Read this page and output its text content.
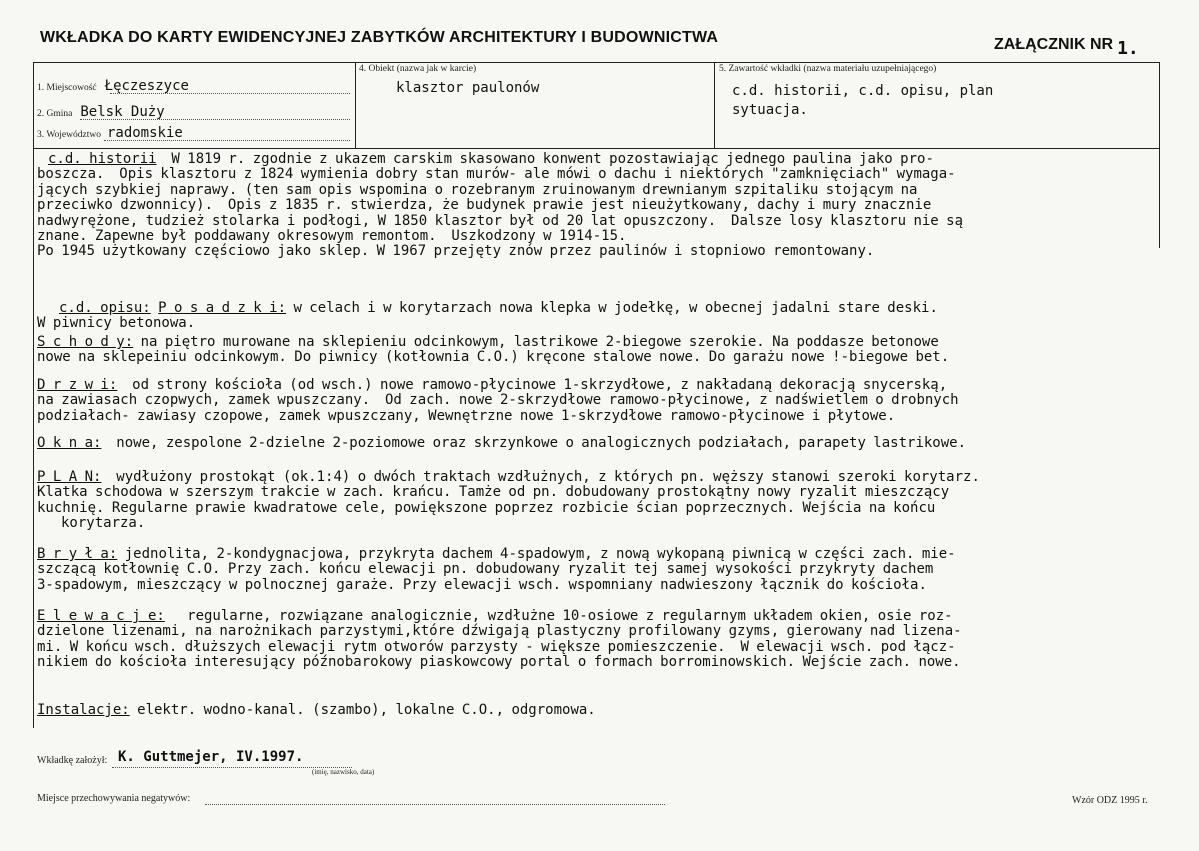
WKŁADKA DO KARTY EWIDENCYJNEJ ZABYTKÓW ARCHITEKTURY I BUDOWNICTWA	ZAŁĄCZNIK NR 1.
1. Miejscowość Łęczeszyce
2. Gmina Belsk Duży
3. Województwo radomskie
4. Obiekt (nazwa jak w karcie)
klasztor paulonów
5. Zawartość wkładki (nazwa materiału uzupełniającego)
c.d. historii, c.d. opisu, plan
sytuacja.
c.d. historii  W 1819 r. zgodnie z ukazem carskim skasowano konwent pozostawiając jednego paulina jako pro-
boszcza.  Opis klasztoru z 1824 wymienia dobry stan murów- ale mówi o dachu i niektórych "zamknięciach" wymaga-
jących szybkiej naprawy. (ten sam opis wspomina o rozebranym zruinowanym drewnianym szpitaliku stojącym na
przeciwko dzwonnicy).  Opis z 1835 r. stwierdza, że budynek prawie jest nieużytkowany, dachy i mury znacznie
nadwyrężone, tudzież stolarka i podłogi, W 1850 klasztor był od 20 lat opuszczony.  Dalsze losy klasztoru nie są
znane. Zapewne był poddawany okresowym remontom.  Uszkodzony w 1914-15.
Po 1945 użytkowany częściowo jako sklep. W 1967 przejęty znów przez paulinów i stopniowo remontowany.
c.d. opisu: P o s a d z k i: w celach i w korytarzach nowa klepka w jodełkę, w obecnej jadalni stare deski.
W piwnicy betonowa.
S c h o d y: na piętro murowane na sklepieniu odcinkowym, lastrikowe 2-biegowe szerokie. Na poddasze betonowe
nowe na sklepeiniu odcinkowym. Do piwnicy (kotłownia C.O.) kręcone stalowe nowe. Do garażu nowe !-biegowe bet.
D r z w i:  od strony kościoła (od wsch.) nowe ramowo-płycinowe 1-skrzydłowe, z nakładaną dekoracją snycerską,
na zawiasach czopwych, zamek wpuszczany.  Od zach. nowe 2-skrzydłowe ramowo-płycinowe, z nadświetlem o drobnych
podziałach- zawiasy czopowe, zamek wpuszczany, Wewnętrzne nowe 1-skrzydłowe ramowo-płycinowe i płytowe.
O k n a:  nowe, zespolone 2-dzielne 2-poziomowe oraz skrzynkowe o analogicznych podziałach, parapety lastrikowe.
P L A N:  wydłużony prostokąt (ok.1:4) o dwóch traktach wzdłużnych, z których pn. węższy stanowi szeroki korytarz.
Klatka schodowa w szerszym trakcie w zach. krańcu. Tamże od pn. dobudowany prostokątny nowy ryzalit mieszczący
kuchnię. Regularne prawie kwadratowe cele, powiększone poprzez rozbicie ścian poprzecznych. Wejścia na końcu
korytarza.
B r y ł a: jednolita, 2-kondygnacjowa, przykryta dachem 4-spadowym, z nową wykopaną piwnicą w części zach. mie-
szczącą kotłownię C.O. Przy zach. końcu elewacji pn. dobudowany ryzalit tej samej wysokości przykryty dachem
3-spadowym, mieszczący w polnocznej garaże. Przy elewacji wsch. wspomniany nadwieszony łącznik do kościoła.
E l e w a c j e:   regularne, rozwiązane analogicznie, wzdłużne 10-osiowe z regularnym układem okien, osie roz-
dzielone lizenami, na narożnikach parzystymi,które dźwigają plastyczny profilowany gzyms, gierowany nad lizena-
mi. W końcu wsch. dłuższych elewacji rytm otworów parzysty - większe pomieszczenie.  W elewacji wsch. pod łącz-
nikiem do kościoła interesujący późnobarokowy piaskowcowy portal o formach borrominowskich. Wejście zach. nowe.
Instalacje: elektr. wodno-kanal. (szambo), lokalne C.O., odgromowa.
Wkładkę założył: K. Guttmejer, IV.1997.
(imię, nazwisko, data)
Miejsce przechowywania negatywów:	Wzór ODZ 1995 r.
